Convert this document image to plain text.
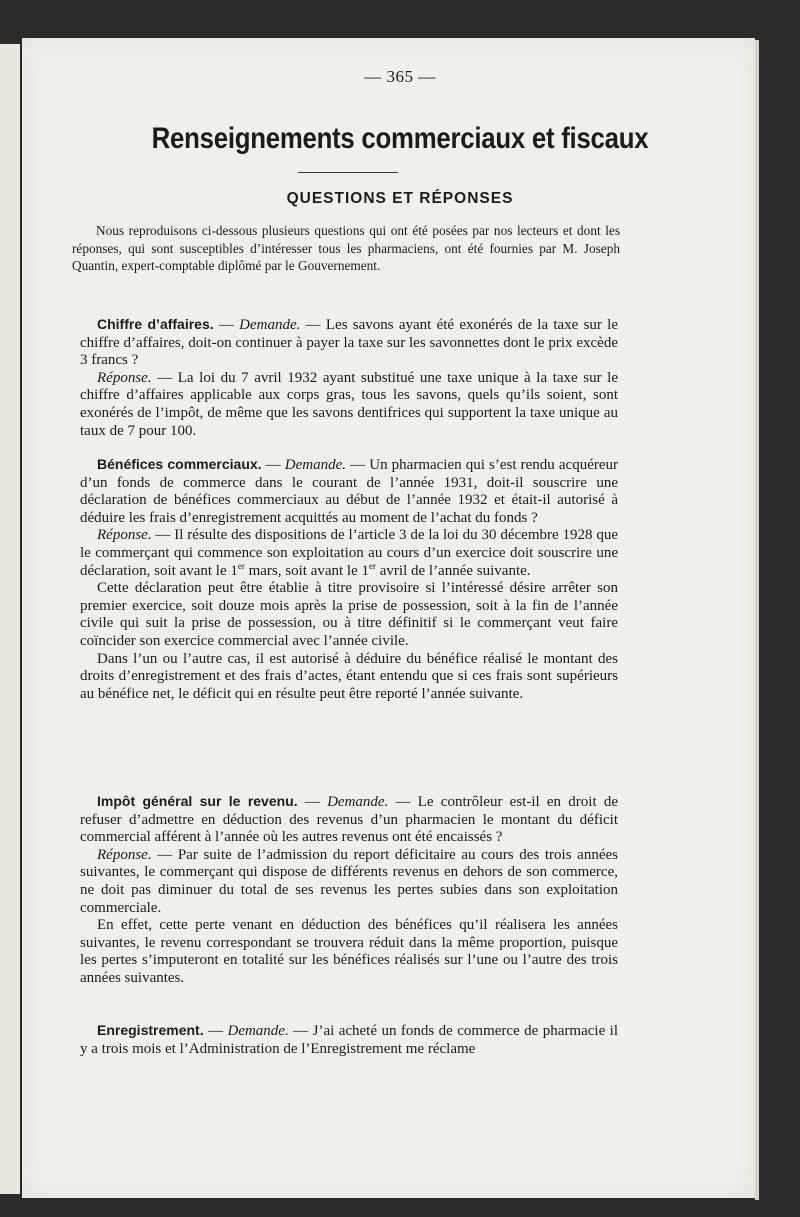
— 365 —
Renseignements commerciaux et fiscaux
QUESTIONS ET RÉPONSES
Nous reproduisons ci-dessous plusieurs questions qui ont été posées par nos lecteurs et dont les réponses, qui sont susceptibles d’intéresser tous les pharmaciens, ont été fournies par M. Joseph Quantin, expert-comptable diplômé par le Gouvernement.

Chiffre d’affaires. — Demande. — Les savons ayant été exonérés de la taxe sur le chiffre d’affaires, doit-on continuer à payer la taxe sur les savonnettes dont le prix excède 3 francs ?

Réponse. — La loi du 7 avril 1932 ayant substitué une taxe unique à la taxe sur le chiffre d’affaires applicable aux corps gras, tous les savons, quels qu’ils soient, sont exonérés de l’impôt, de même que les savons dentifrices qui supportent la taxe unique au taux de 7 pour 100.

Bénéfices commerciaux. — Demande. — Un pharmacien qui s’est rendu acquéreur d’un fonds de commerce dans le courant de l’année 1931, doit-il souscrire une déclaration de bénéfices commerciaux au début de l’année 1932 et était-il autorisé à déduire les frais d’enregistrement acquittés au moment de l’achat du fonds ?

Réponse. — Il résulte des dispositions de l’article 3 de la loi du 30 décembre 1928 que le commerçant qui commence son exploitation au cours d’un exercice doit souscrire une déclaration, soit avant le 1er mars, soit avant le 1er avril de l’année suivante.

Cette déclaration peut être établie à titre provisoire si l’intéressé désire arrêter son premier exercice, soit douze mois après la prise de possession, soit à la fin de l’année civile qui suit la prise de possession, ou à titre définitif si le commerçant veut faire coïncider son exercice commercial avec l’année civile.

Dans l’un ou l’autre cas, il est autorisé à déduire du bénéfice réalisé le montant des droits d’enregistrement et des frais d’actes, étant entendu que si ces frais sont supérieurs au bénéfice net, le déficit qui en résulte peut être reporté l’année suivante.

Impôt général sur le revenu. — Demande. — Le contrôleur est-il en droit de refuser d’admettre en déduction des revenus d’un pharmacien le montant du déficit commercial afférent à l’année où les autres revenus ont été encaissés ?

Réponse. — Par suite de l’admission du report déficitaire au cours des trois années suivantes, le commerçant qui dispose de différents revenus en dehors de son commerce, ne doit pas diminuer du total de ses revenus les pertes subies dans son exploitation commerciale.

En effet, cette perte venant en déduction des bénéfices qu’il réalisera les années suivantes, le revenu correspondant se trouvera réduit dans la même proportion, puisque les pertes s’imputeront en totalité sur les bénéfices réalisés sur l’une ou l’autre des trois années suivantes.

Enregistrement. — Demande. — J’ai acheté un fonds de commerce de pharmacie il y a trois mois et l’Administration de l’Enregistrement me réclame
